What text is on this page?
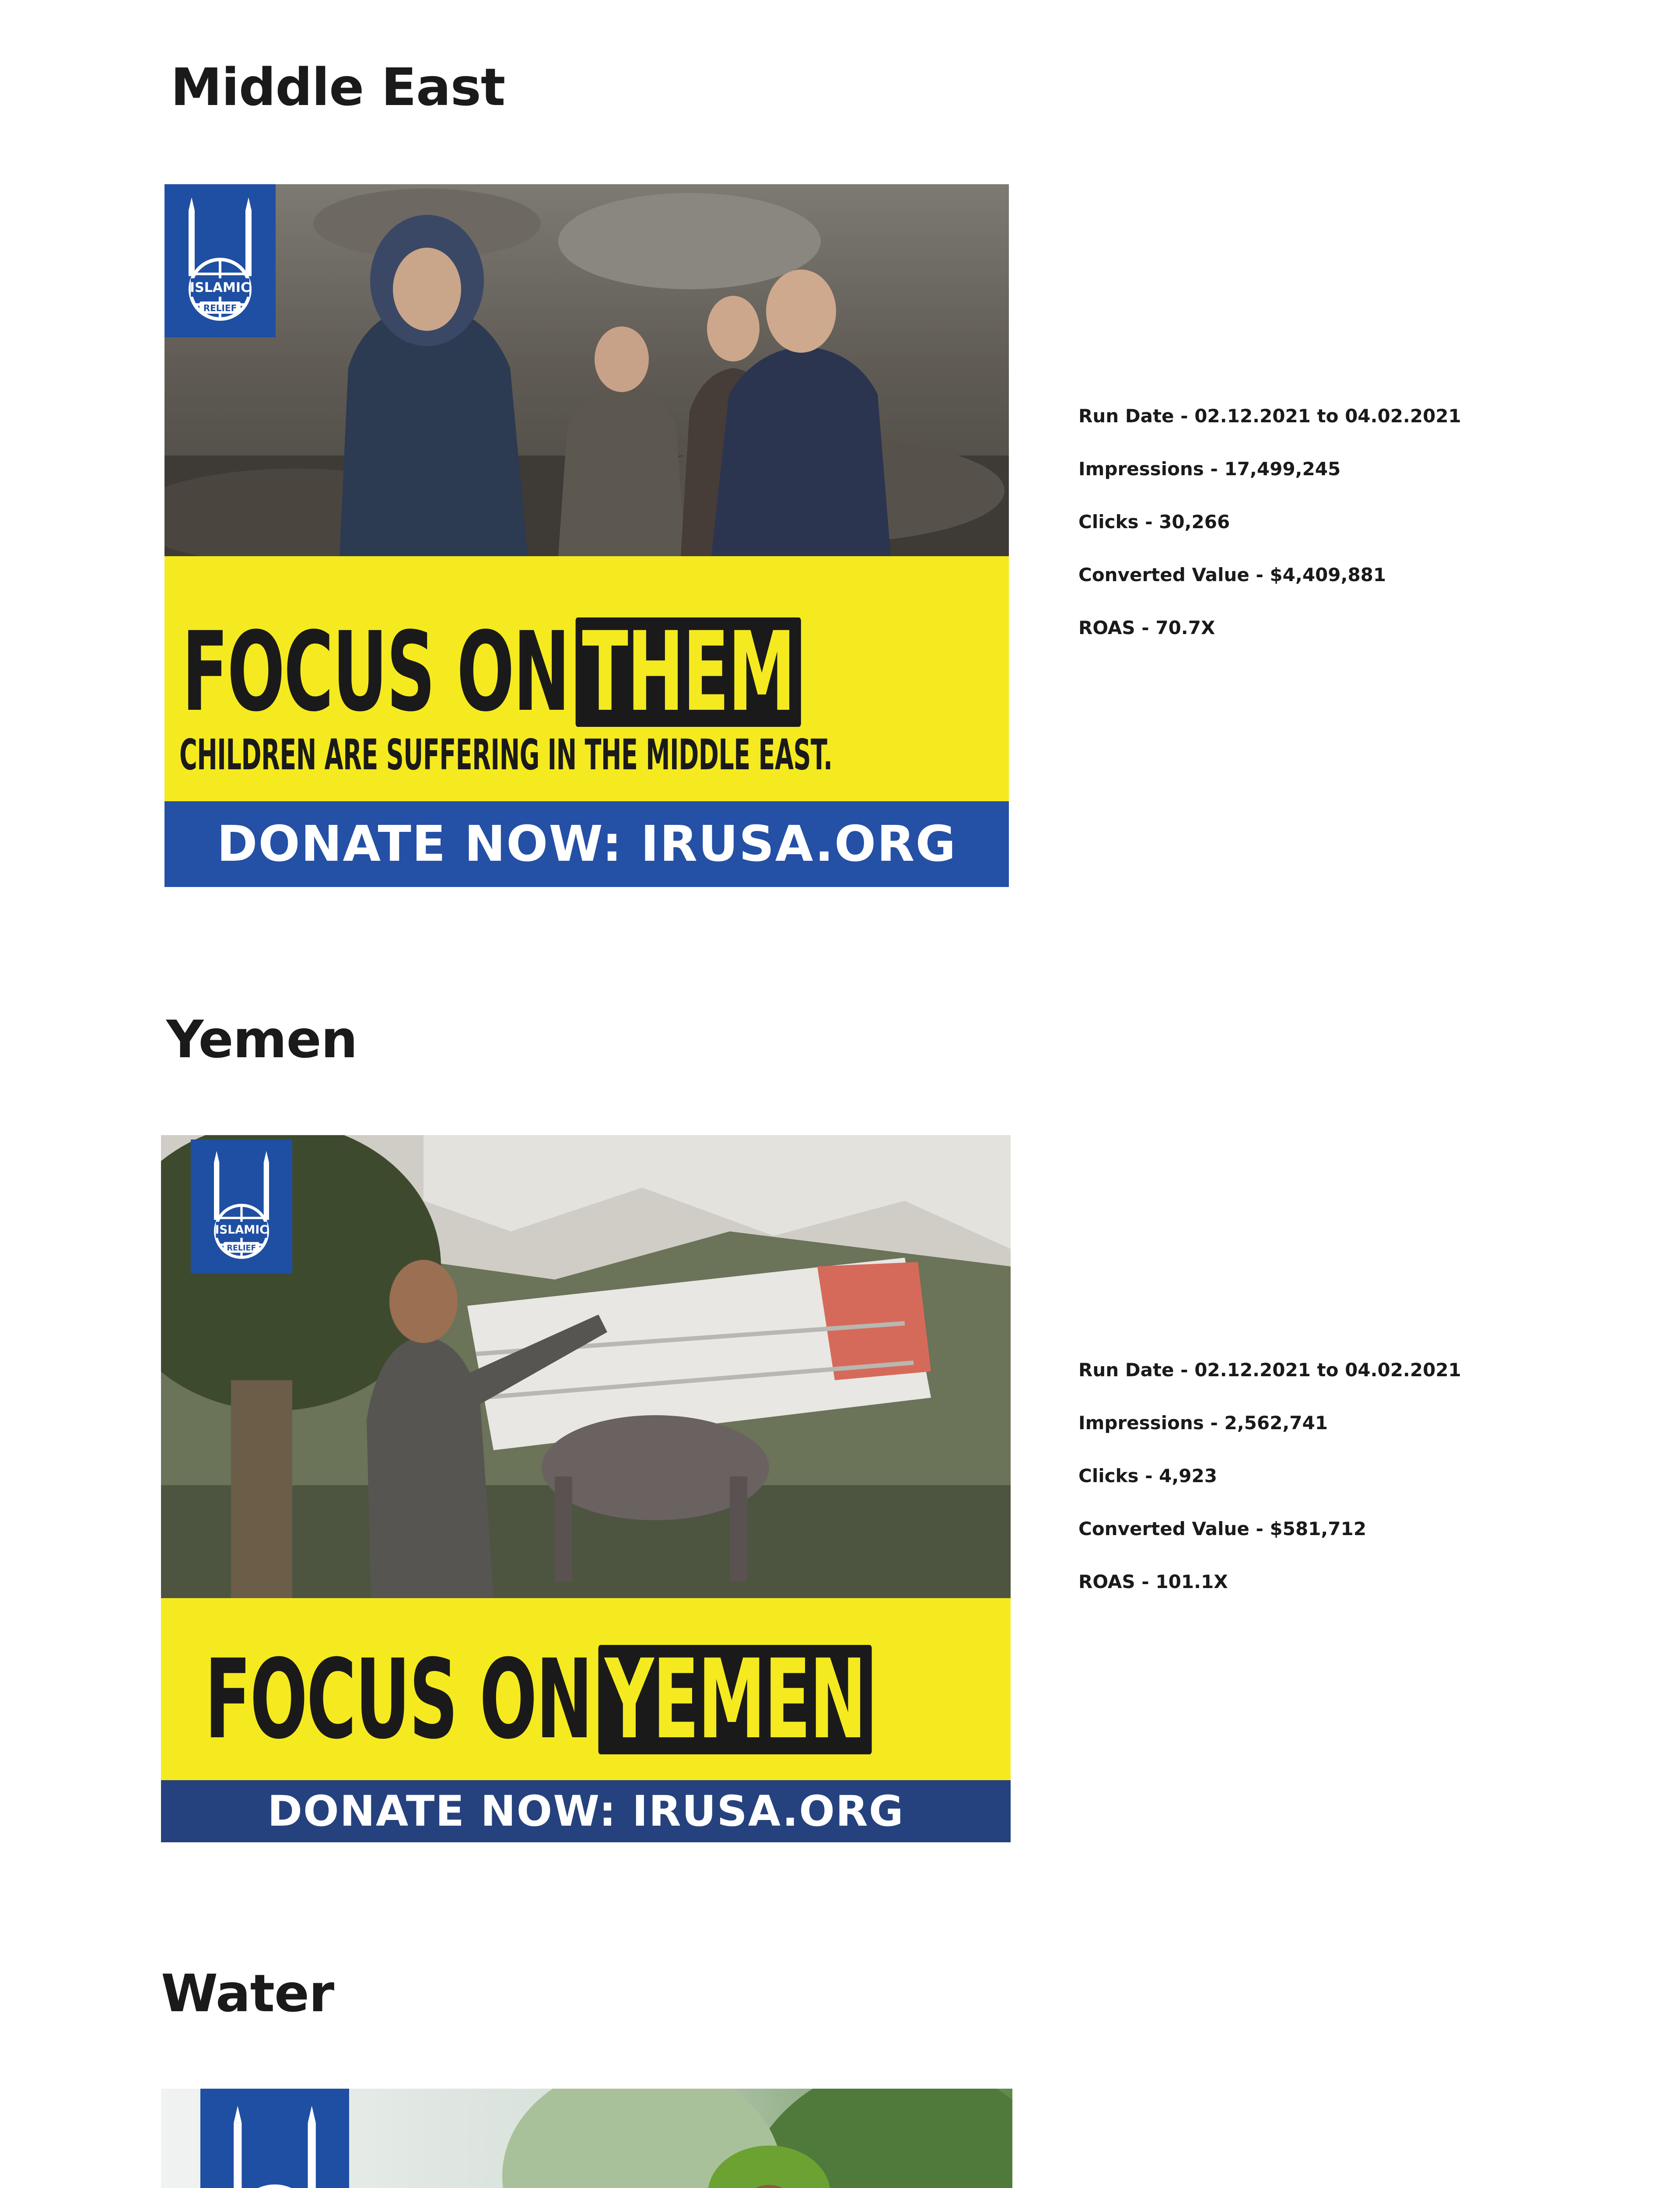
Middle East
ISLAMIC
RELIEF
FOCUS ON THEM
CHILDREN ARE SUFFERING IN THE MIDDLE EAST.
DONATE NOW: IRUSA.ORG
Run Date - 02.12.2021 to 04.02.2021
Impressions - 17,499,245
Clicks - 30,266
Converted Value - $4,409,881
ROAS - 70.7X
Yemen
ISLAMIC
RELIEF
FOCUS ON YEMEN
DONATE NOW: IRUSA.ORG
Run Date - 02.12.2021 to 04.02.2021
Impressions - 2,562,741
Clicks - 4,923
Converted Value - $581,712
ROAS - 101.1X
Water
